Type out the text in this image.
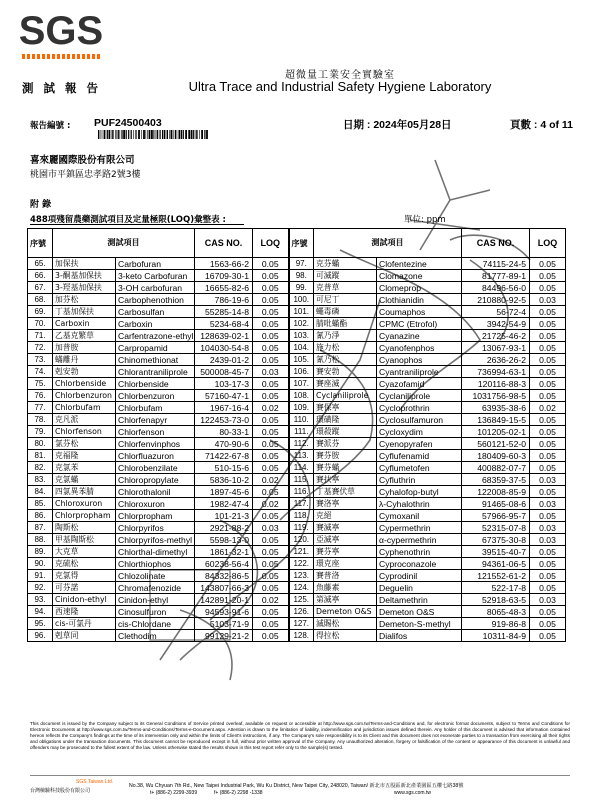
SGS
超微量工業安全實驗室
Ultra Trace and Industrial Safety Hygiene Laboratory
測 試 報 告
報告編號 : PUF24500403	日期 : 2024年05月28日	頁數 : 4 of 11
喜來麗國際股份有限公司
桃園市平鎮區忠孝路2號3樓
附 錄
488項殘留農藥測試項目及定量極限(LOQ)彙整表 :	單位: ppm
序號	測試項目		CAS NO.	LOQ	序號	測試項目		CAS NO.	LOQ
65.	加保扶	Carbofuran	1563-66-2	0.05	97.	克芬蟎	Clofentezine	74115-24-5	0.05
66.	3-酮基加保扶	3-keto Carbofuran	16709-30-1	0.05	98.	可滅蹤	Clomazone	81777-89-1	0.05
67.	3-羥基加保扶	3-OH carbofuran	16655-82-6	0.05	99.	克普草	Clomeprop	84496-56-0	0.05
68.	加芬松	Carbophenothion	786-19-6	0.05	100.	可尼丁	Clothianidin	210880-92-5	0.03
69.	丁基加保扶	Carbosulfan	55285-14-8	0.05	101.	蠅毒磷	Coumaphos	56-72-4	0.05
70.	Carboxin	Carboxin	5234-68-4	0.05	102.	腈吡蟎酯	CPMC (Etrofol)	3942-54-9	0.05
71.	乙基克繁草	Carfentrazone-ethyl	128639-02-1	0.05	103.	氰乃淨	Cyanazine	21725-46-2	0.05
72.	加普胺	Carpropamid	104030-54-8	0.05	104.	施力松	Cyanofenphos	13067-93-1	0.05
73.	蟎離丹	Chinomethionat	2439-01-2	0.05	105.	氰乃松	Cyanophos	2636-26-2	0.05
74.	剋安勃	Chlorantraniliprole	500008-45-7	0.03	106.	賽安勃	Cyantraniliprole	736994-63-1	0.05
75.	Chlorbenside	Chlorbenside	103-17-3	0.05	107.	賽座滅	Cyazofamid	120116-88-3	0.05
76.	Chlorbenzuron	Chlorbenzuron	57160-47-1	0.05	108.	Cyclaniliprole	Cyclaniliprole	1031756-98-5	0.05
77.	Chlorbufam	Chlorbufam	1967-16-4	0.02	109.	賽保寧	Cycloprothrin	63935-38-6	0.02
78.	克凡派	Chlorfenapyr	122453-73-0	0.05	110.	環磺隆	Cyclosulfamuron	136849-15-5	0.05
79.	Chlorfenson	Chlorfenson	80-33-1	0.05	111.	環殺蹤	Cycloxydim	101205-02-1	0.05
80.	氯芬松	Chlorfenvinphos	470-90-6	0.05	112.	賽派芬	Cyenopyrafen	560121-52-0	0.05
81.	克福隆	Chlorfluazuron	71422-67-8	0.05	113.	賽芬胺	Cyflufenamid	180409-60-3	0.05
82.	克氯苯	Chlorobenzilate	510-15-6	0.05	114.	賽芬蟎	Cyflumetofen	400882-07-7	0.05
83.	克氯蟎	Chloropropylate	5836-10-2	0.02	115.	賽扶寧	Cyfluthrin	68359-37-5	0.03
84.	四氯異苯腈	Chlorothalonil	1897-45-6	0.05	116.	丁基賽伏草	Cyhalofop-butyl	122008-85-9	0.05
85.	Chloroxuron	Chloroxuron	1982-47-4	0.02	117.	賽洛寧	λ-Cyhalothrin	91465-08-6	0.03
86.	Chlorpropham	Chlorpropham	101-21-3	0.05	118.	克絕	Cymoxanil	57966-95-7	0.05
87.	陶斯松	Chlorpyrifos	2921-88-2	0.03	119.	賽滅寧	Cypermethrin	52315-07-8	0.03
88.	甲基陶斯松	Chlorpyrifos-methyl	5598-13-0	0.05	120.	亞滅寧	α-cypermethrin	67375-30-8	0.03
89.	大克草	Chlorthal-dimethyl	1861-32-1	0.05	121.	賽芬寧	Cyphenothrin	39515-40-7	0.05
90.	克硫松	Chlorthiophos	60238-56-4	0.05	122.	環克座	Cyproconazole	94361-06-5	0.05
91.	克氯得	Chlozolinate	84332-86-5	0.05	123.	賽普洛	Cyprodinil	121552-61-2	0.05
92.	可芬諾	Chromafenozide	143807-66-3	0.05	124.	魚藤素	Deguelin	522-17-8	0.05
93.	Cinidon-ethyl	Cinidon-ethyl	142891-20-1	0.02	125.	第滅寧	Deltamethrin	52918-63-5	0.03
94.	西速隆	Cinosulfuron	94593-91-6	0.05	126.	Demeton O&S	Demeton O&S	8065-48-3	0.05
95.	cis-可氯丹	cis-Chlordane	5103-71-9	0.05	127.	滅賜松	Demeton-S-methyl	919-86-8	0.05
96.	剋草同	Clethodim	99129-21-2	0.05	128.	得拉松	Dialifos	10311-84-9	0.05
This document is issued by the Company subject to its General Conditions of Service printed overleaf, available on request or accessible at http://www.sgs.com.tw/Terms-and-Conditions and, for electronic format documents, subject to Terms and Conditions for Electronic Documents at http://www.sgs.com.tw/Terms-and-Conditions/Terms-e-Document.aspx. Attention is drawn to the limitation of liability, indemnification and jurisdiction issues defined therein. Any holder of this document is advised that information contained hereon reflects the Company's findings at the time of its intervention only and within the limits of Client's instructions, if any. The Company's sole responsibility is to its Client and this document does not exonerate parties to a transaction from exercising all their rights and obligations under the transaction documents. This document cannot be reproduced except in full, without prior written approval of the Company. Any unauthorized alteration, forgery or falsification of the content or appearance of this document is unlawful and offenders may be prosecuted to the fullest extent of the law. Unless otherwise stated the results shown in this test report refer only to the sample(s) tested.
SGS Taiwan Ltd.
台灣檢驗科技股份有限公司
No.38, Wu Chyuan 7th Rd., New Taipei Industrial Park, Wu Ku District, New Taipei City, 248020, Taiwan/ 新北市五股區新北產業園區五權七路38號
t+ (886-2) 2299-3939	f+ (886-2) 2298 -1338	www.sgs.com.tw
